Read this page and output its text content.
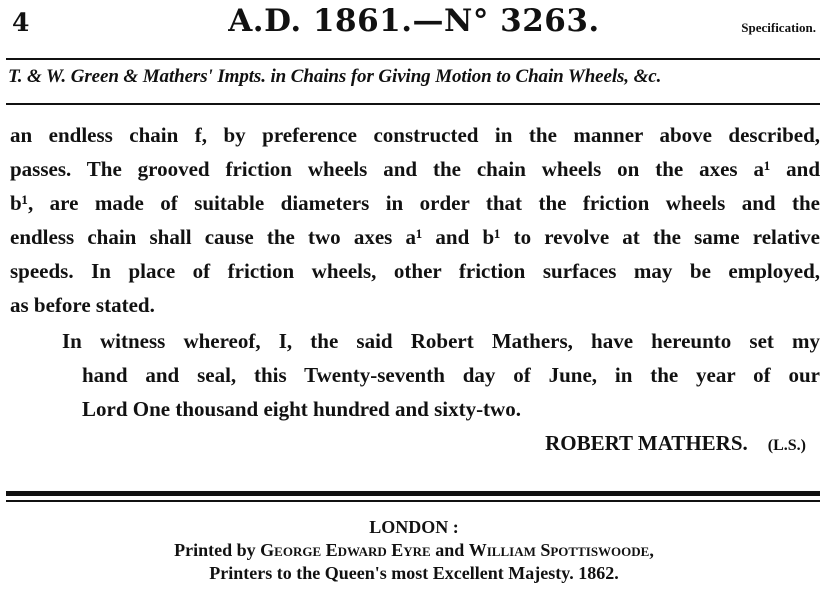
4	A.D. 1861.—N° 3263.	Specification.
T. & W. Green & Mathers' Impts. in Chains for Giving Motion to Chain Wheels, &c.
an endless chain f, by preference constructed in the manner above described,
passes. The grooved friction wheels and the chain wheels on the axes a¹ and
b¹, are made of suitable diameters in order that the friction wheels and the
endless chain shall cause the two axes a¹ and b¹ to revolve at the same relative
speeds. In place of friction wheels, other friction surfaces may be employed,
as before stated.
In witness whereof, I, the said Robert Mathers, have hereunto set my
hand and seal, this Twenty-seventh day of June, in the year of our
Lord One thousand eight hundred and sixty-two.
ROBERT MATHERS. (L.S.)
LONDON :
Printed by George Edward Eyre and William Spottiswoode,
Printers to the Queen's most Excellent Majesty. 1862.
